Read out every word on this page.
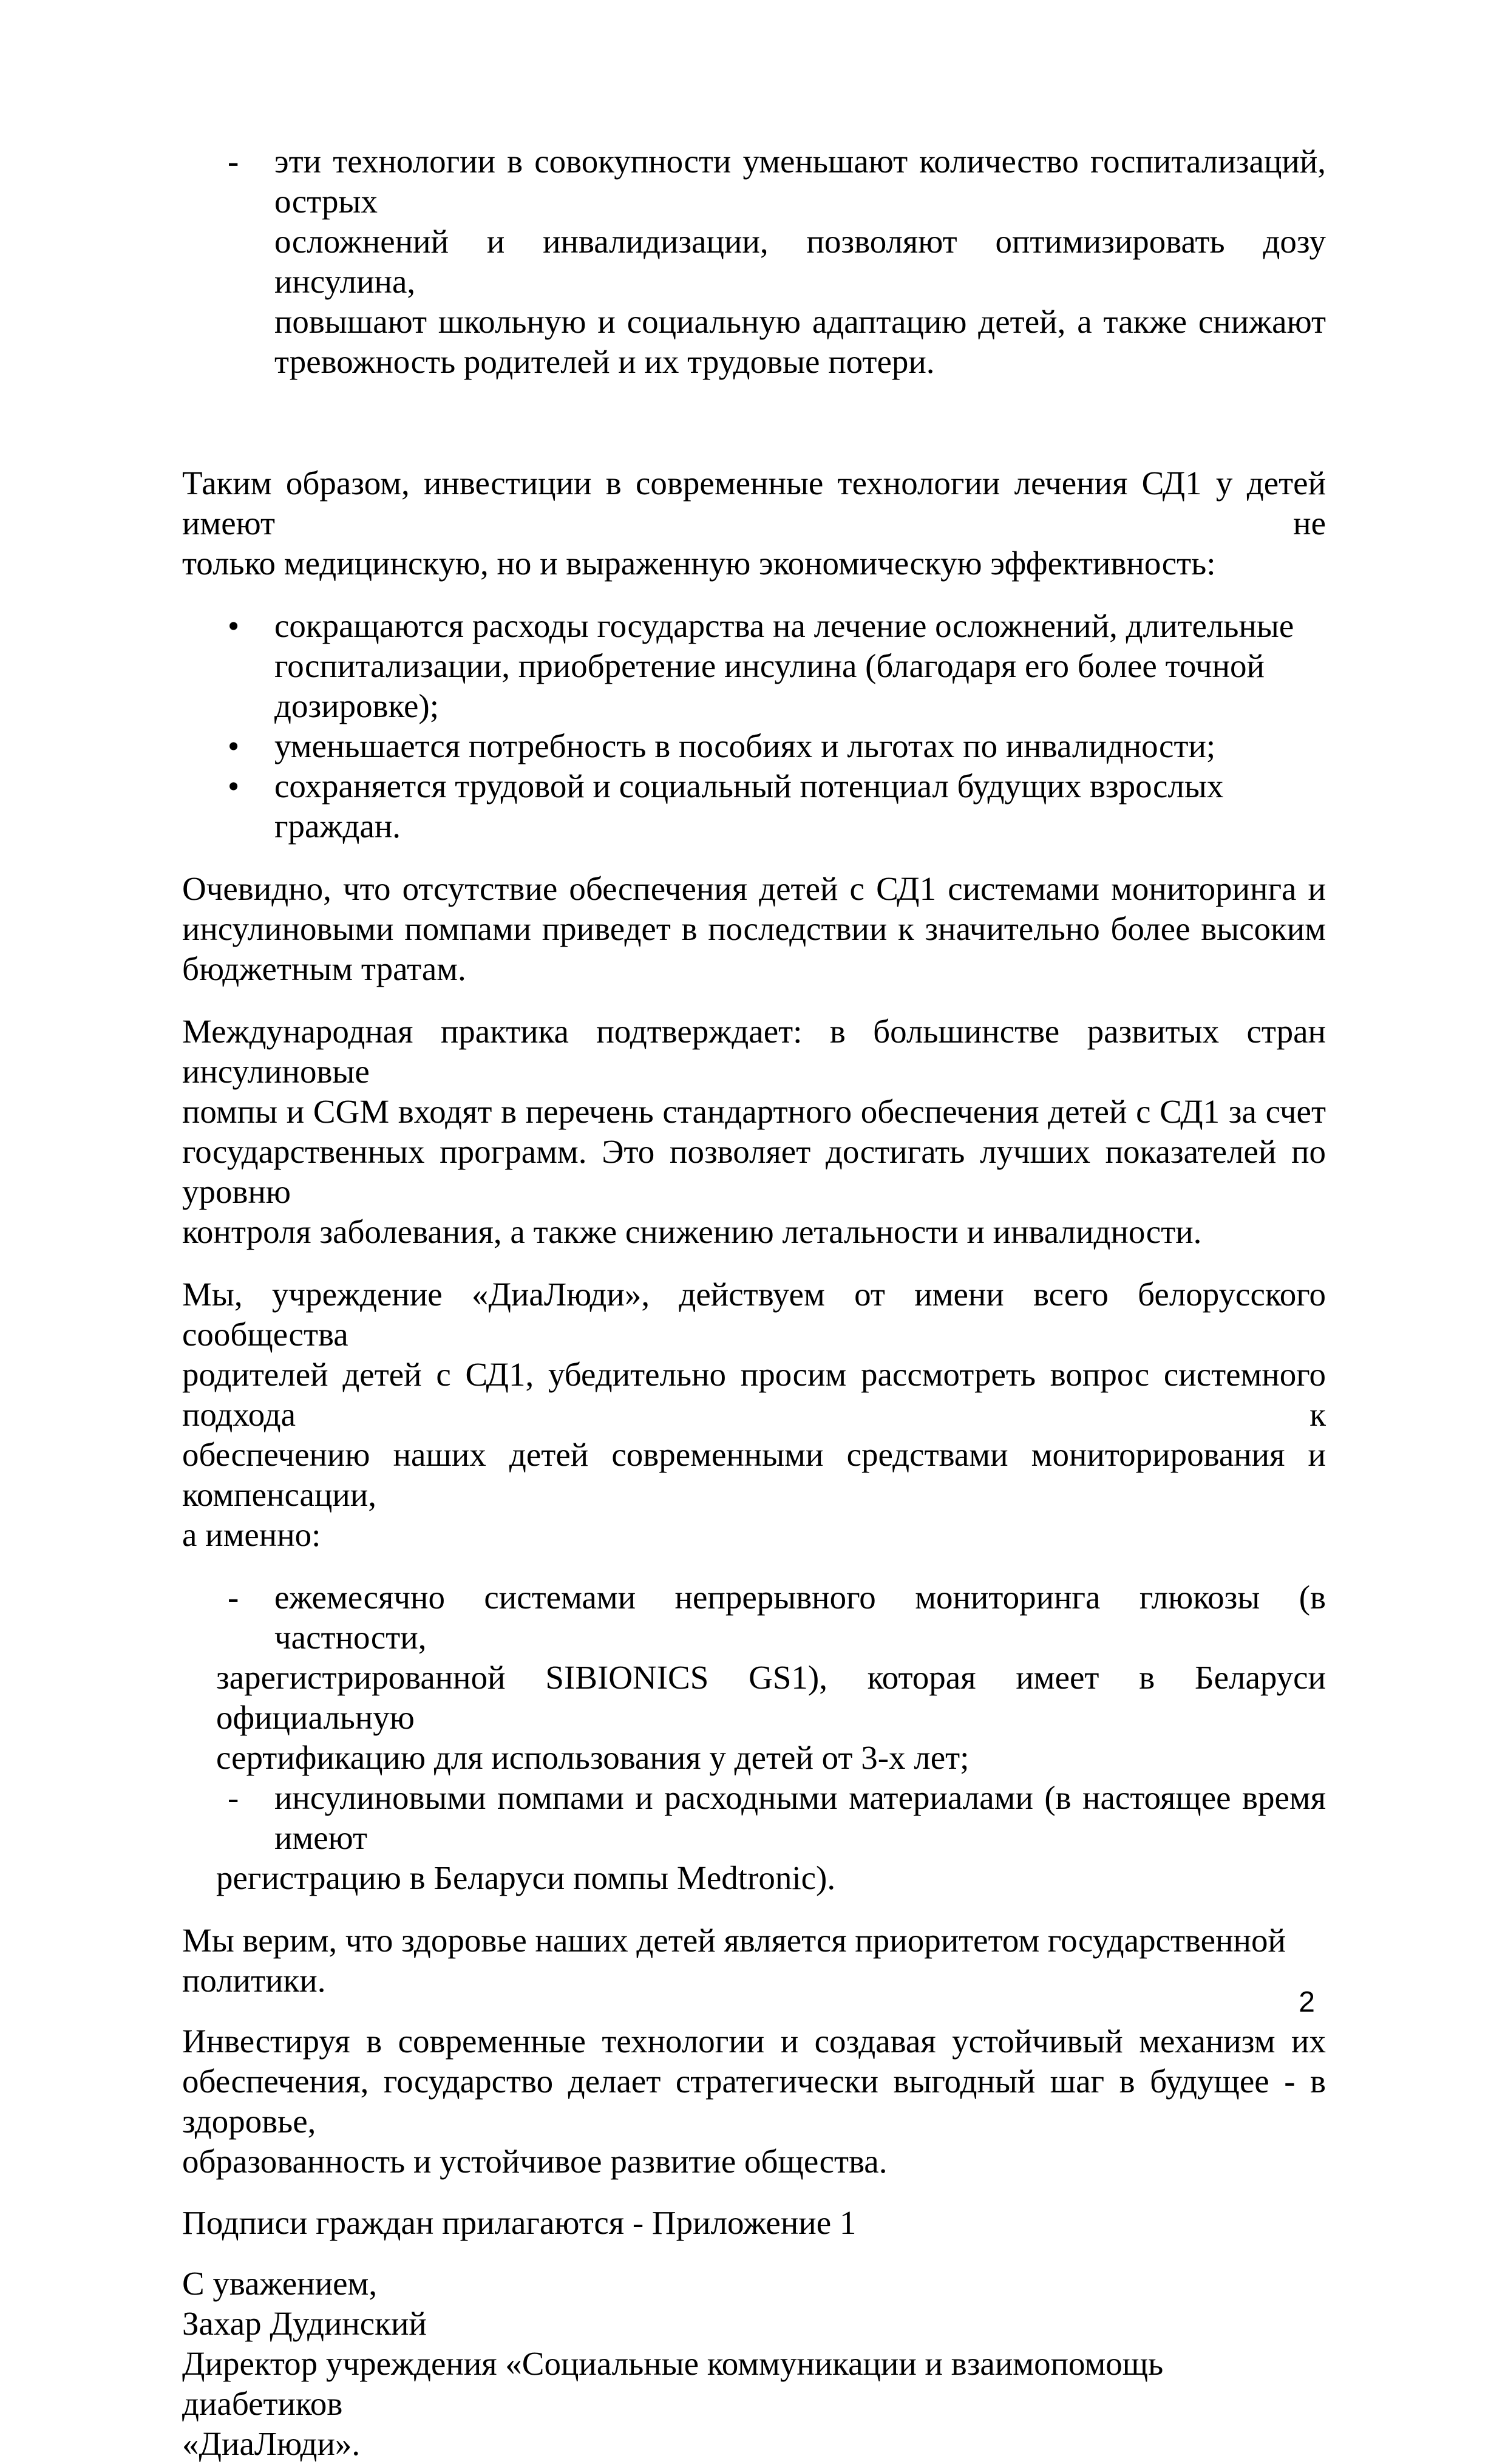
эти технологии в совокупности уменьшают количество госпитализаций, острых
осложнений и инвалидизации, позволяют оптимизировать дозу инсулина,
повышают школьную и социальную адаптацию детей, а также снижают
тревожность родителей и их трудовые потери.
-
Таким образом, инвестиции в современные технологии лечения СД1 у детей имеют не
только медицинскую, но и выраженную экономическую эффективность:
сокращаются расходы государства на лечение осложнений, длительные
госпитализации, приобретение инсулина (благодаря его более точной
дозировке);
•
уменьшается потребность в пособиях и льготах по инвалидности;
•
сохраняется трудовой и социальный потенциал будущих взрослых граждан.
•
Очевидно, что отсутствие обеспечения детей с СД1 системами мониторинга и
инсулиновыми помпами приведет в последствии к значительно более высоким
бюджетным тратам.
Международная практика подтверждает: в большинстве развитых стран инсулиновые
помпы и CGM входят в перечень стандартного обеспечения детей с СД1 за счет
государственных программ. Это позволяет достигать лучших показателей по уровню
контроля заболевания, а также снижению летальности и инвалидности.
Мы, учреждение «ДиаЛюди», действуем от имени всего белорусского сообщества
родителей детей с СД1, убедительно просим рассмотреть вопрос системного подхода к
обеспечению наших детей современными средствами мониторирования и компенсации,
а именно:
ежемесячно системами непрерывного мониторинга глюкозы (в частности,
зарегистрированной SIBIONICS GS1), которая имеет в Беларуси официальную
сертификацию для использования у детей от 3-х лет;
-
инсулиновыми помпами и расходными материалами (в настоящее время имеют
регистрацию в Беларуси помпы Medtronic).
-
Мы верим, что здоровье наших детей является приоритетом государственной политики.
Инвестируя в современные технологии и создавая устойчивый механизм их
обеспечения, государство делает стратегически выгодный шаг в будущее - в здоровье,
образованность и устойчивое развитие общества.
Подписи граждан прилагаются - Приложение 1
С уважением,
Захар Дудинский
Директор учреждения «Социальные коммуникации и взаимопомощь диабетиков
«ДиаЛюди».
2
